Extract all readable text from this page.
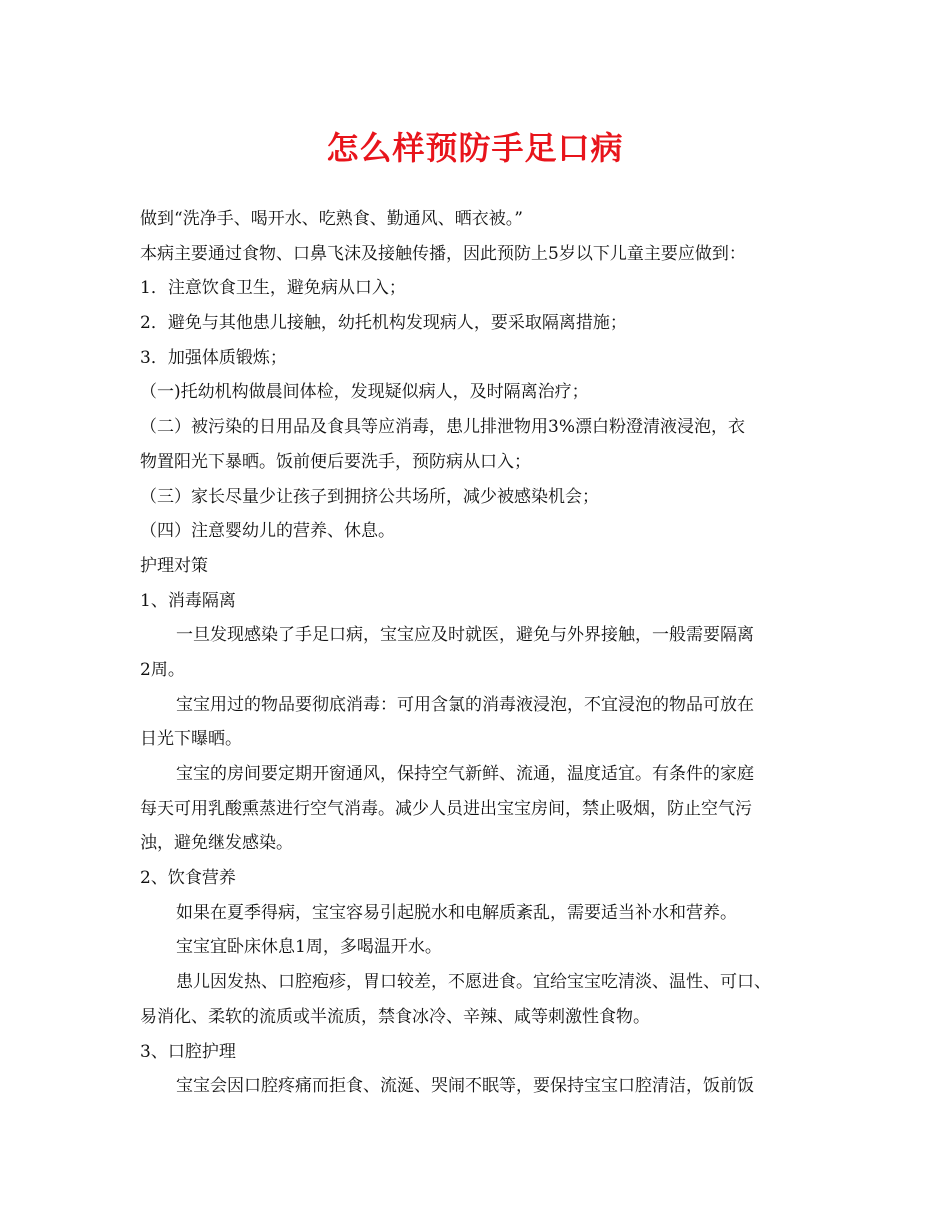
怎么样预防手足口病
做到“洗净手、喝开水、吃熟食、勤通风、晒衣被。”
本病主要通过食物、口鼻飞沫及接触传播，因此预防上5岁以下儿童主要应做到：
1．注意饮食卫生，避免病从口入；
2．避免与其他患儿接触，幼托机构发现病人，要采取隔离措施；
3．加强体质锻炼；
（一)托幼机构做晨间体检，发现疑似病人，及时隔离治疗；
（二）被污染的日用品及食具等应消毒，患儿排泄物用3%漂白粉澄清液浸泡，衣
物置阳光下暴晒。饭前便后要洗手，预防病从口入；
（三）家长尽量少让孩子到拥挤公共场所，减少被感染机会；
（四）注意婴幼儿的营养、休息。
护理对策
1、消毒隔离
一旦发现感染了手足口病，宝宝应及时就医，避免与外界接触，一般需要隔离
2周。
宝宝用过的物品要彻底消毒：可用含氯的消毒液浸泡，不宜浸泡的物品可放在
日光下曝晒。
宝宝的房间要定期开窗通风，保持空气新鲜、流通，温度适宜。有条件的家庭
每天可用乳酸熏蒸进行空气消毒。减少人员进出宝宝房间，禁止吸烟，防止空气污
浊，避免继发感染。
2、饮食营养
如果在夏季得病，宝宝容易引起脱水和电解质紊乱，需要适当补水和营养。
宝宝宜卧床休息1周，多喝温开水。
患儿因发热、口腔疱疹，胃口较差，不愿进食。宜给宝宝吃清淡、温性、可口、
易消化、柔软的流质或半流质，禁食冰冷、辛辣、咸等刺激性食物。
3、口腔护理
宝宝会因口腔疼痛而拒食、流涎、哭闹不眠等，要保持宝宝口腔清洁，饭前饭
